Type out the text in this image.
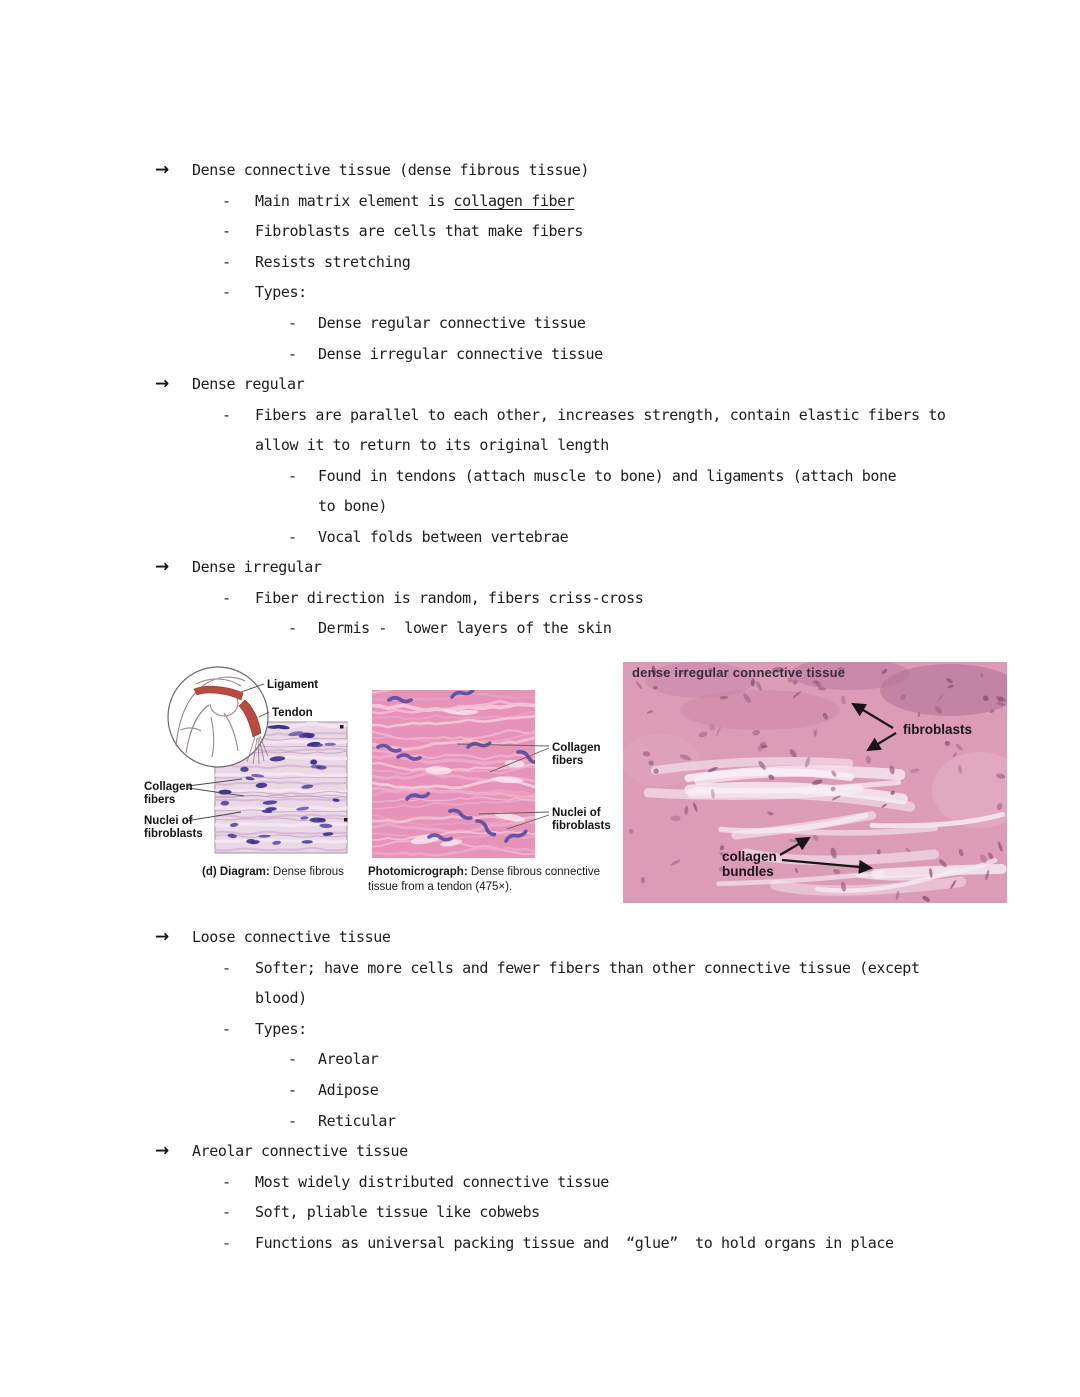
→ Dense connective tissue (dense fibrous tissue)
- Main matrix element is collagen fiber
- Fibroblasts are cells that make fibers
- Resists stretching
- Types:
- Dense regular connective tissue
- Dense irregular connective tissue
→ Dense regular
- Fibers are parallel to each other, increases strength, contain elastic fibers to
allow it to return to its original length
- Found in tendons (attach muscle to bone) and ligaments (attach bone
to bone)
- Vocal folds between vertebrae
→ Dense irregular
- Fiber direction is random, fibers criss-cross
- Dermis -  lower layers of the skin
Ligament
Tendon
Collagen
fibers
Nuclei of
fibroblasts
Collagen
fibers
Nuclei of
fibroblasts
dense irregular connective tissue
fibroblasts
collagen
bundles
(d) Diagram: Dense fibrous Photomicrograph: Dense fibrous connective
tissue from a tendon (475×).
→ Loose connective tissue
- Softer; have more cells and fewer fibers than other connective tissue (except
blood)
- Types:
- Areolar
- Adipose
- Reticular
→ Areolar connective tissue
- Most widely distributed connective tissue
- Soft, pliable tissue like cobwebs
- Functions as universal packing tissue and  “glue”  to hold organs in place
